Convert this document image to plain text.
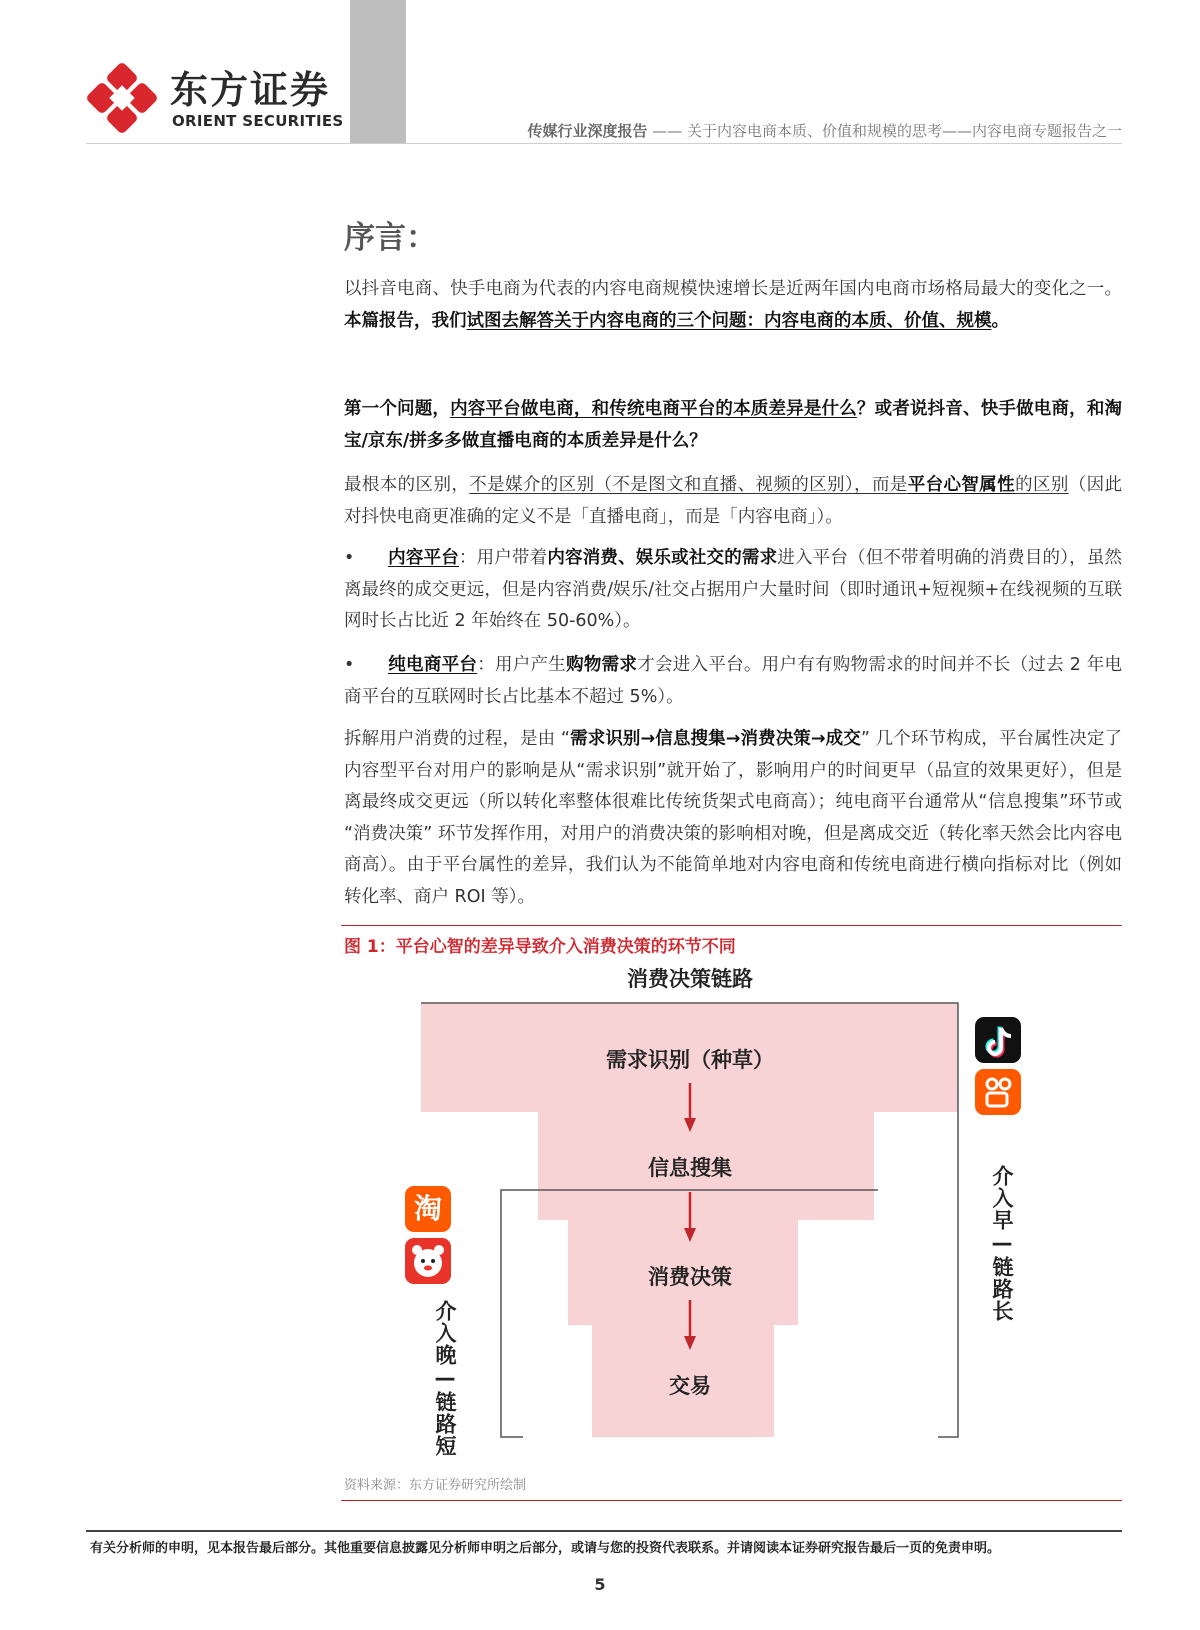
东方证券
ORIENT SECURITIES
传媒行业深度报告 —— 关于内容电商本质、价值和规模的思考——内容电商专题报告之一
序言：

以抖音电商、快手电商为代表的内容电商规模快速增长是近两年国内电商市场格局最大的变化之一。本篇报告，我们试图去解答关于内容电商的三个问题：内容电商的本质、价值、规模。

第一个问题，内容平台做电商，和传统电商平台的本质差异是什么？或者说抖音、快手做电商，和淘宝/京东/拼多多做直播电商的本质差异是什么？

最根本的区别，不是媒介的区别（不是图文和直播、视频的区别），而是平台心智属性的区别（因此对抖快电商更准确的定义不是「直播电商」，而是「内容电商」）。

• 内容平台：用户带着内容消费、娱乐或社交的需求进入平台（但不带着明确的消费目的），虽然离最终的成交更远，但是内容消费/娱乐/社交占据用户大量时间（即时通讯+短视频+在线视频的互联网时长占比近 2 年始终在 50-60%）。

• 纯电商平台：用户产生购物需求才会进入平台。用户有有购物需求的时间并不长（过去 2 年电商平台的互联网时长占比基本不超过 5%）。

拆解用户消费的过程，是由 “需求识别→信息搜集→消费决策→成交” 几个环节构成，平台属性决定了内容型平台对用户的影响是从“需求识别”就开始了，影响用户的时间更早（品宣的效果更好），但是离最终成交更远（所以转化率整体很难比传统货架式电商高）；纯电商平台通常从“信息搜集”环节或 “消费决策” 环节发挥作用，对用户的消费决策的影响相对晚，但是离成交近（转化率天然会比内容电商高）。由于平台属性的差异，我们认为不能简单地对内容电商和传统电商进行横向指标对比（例如转化率、商户 ROI 等）。

图 1：平台心智的差异导致介入消费决策的环节不同
消费决策链路
需求识别（种草）
信息搜集
消费决策
交易
淘	介入早—链路长
介入晚—链路短
资料来源：东方证券研究所绘制
有关分析师的申明，见本报告最后部分。其他重要信息披露见分析师申明之后部分，或请与您的投资代表联系。并请阅读本证券研究报告最后一页的免责申明。
5
